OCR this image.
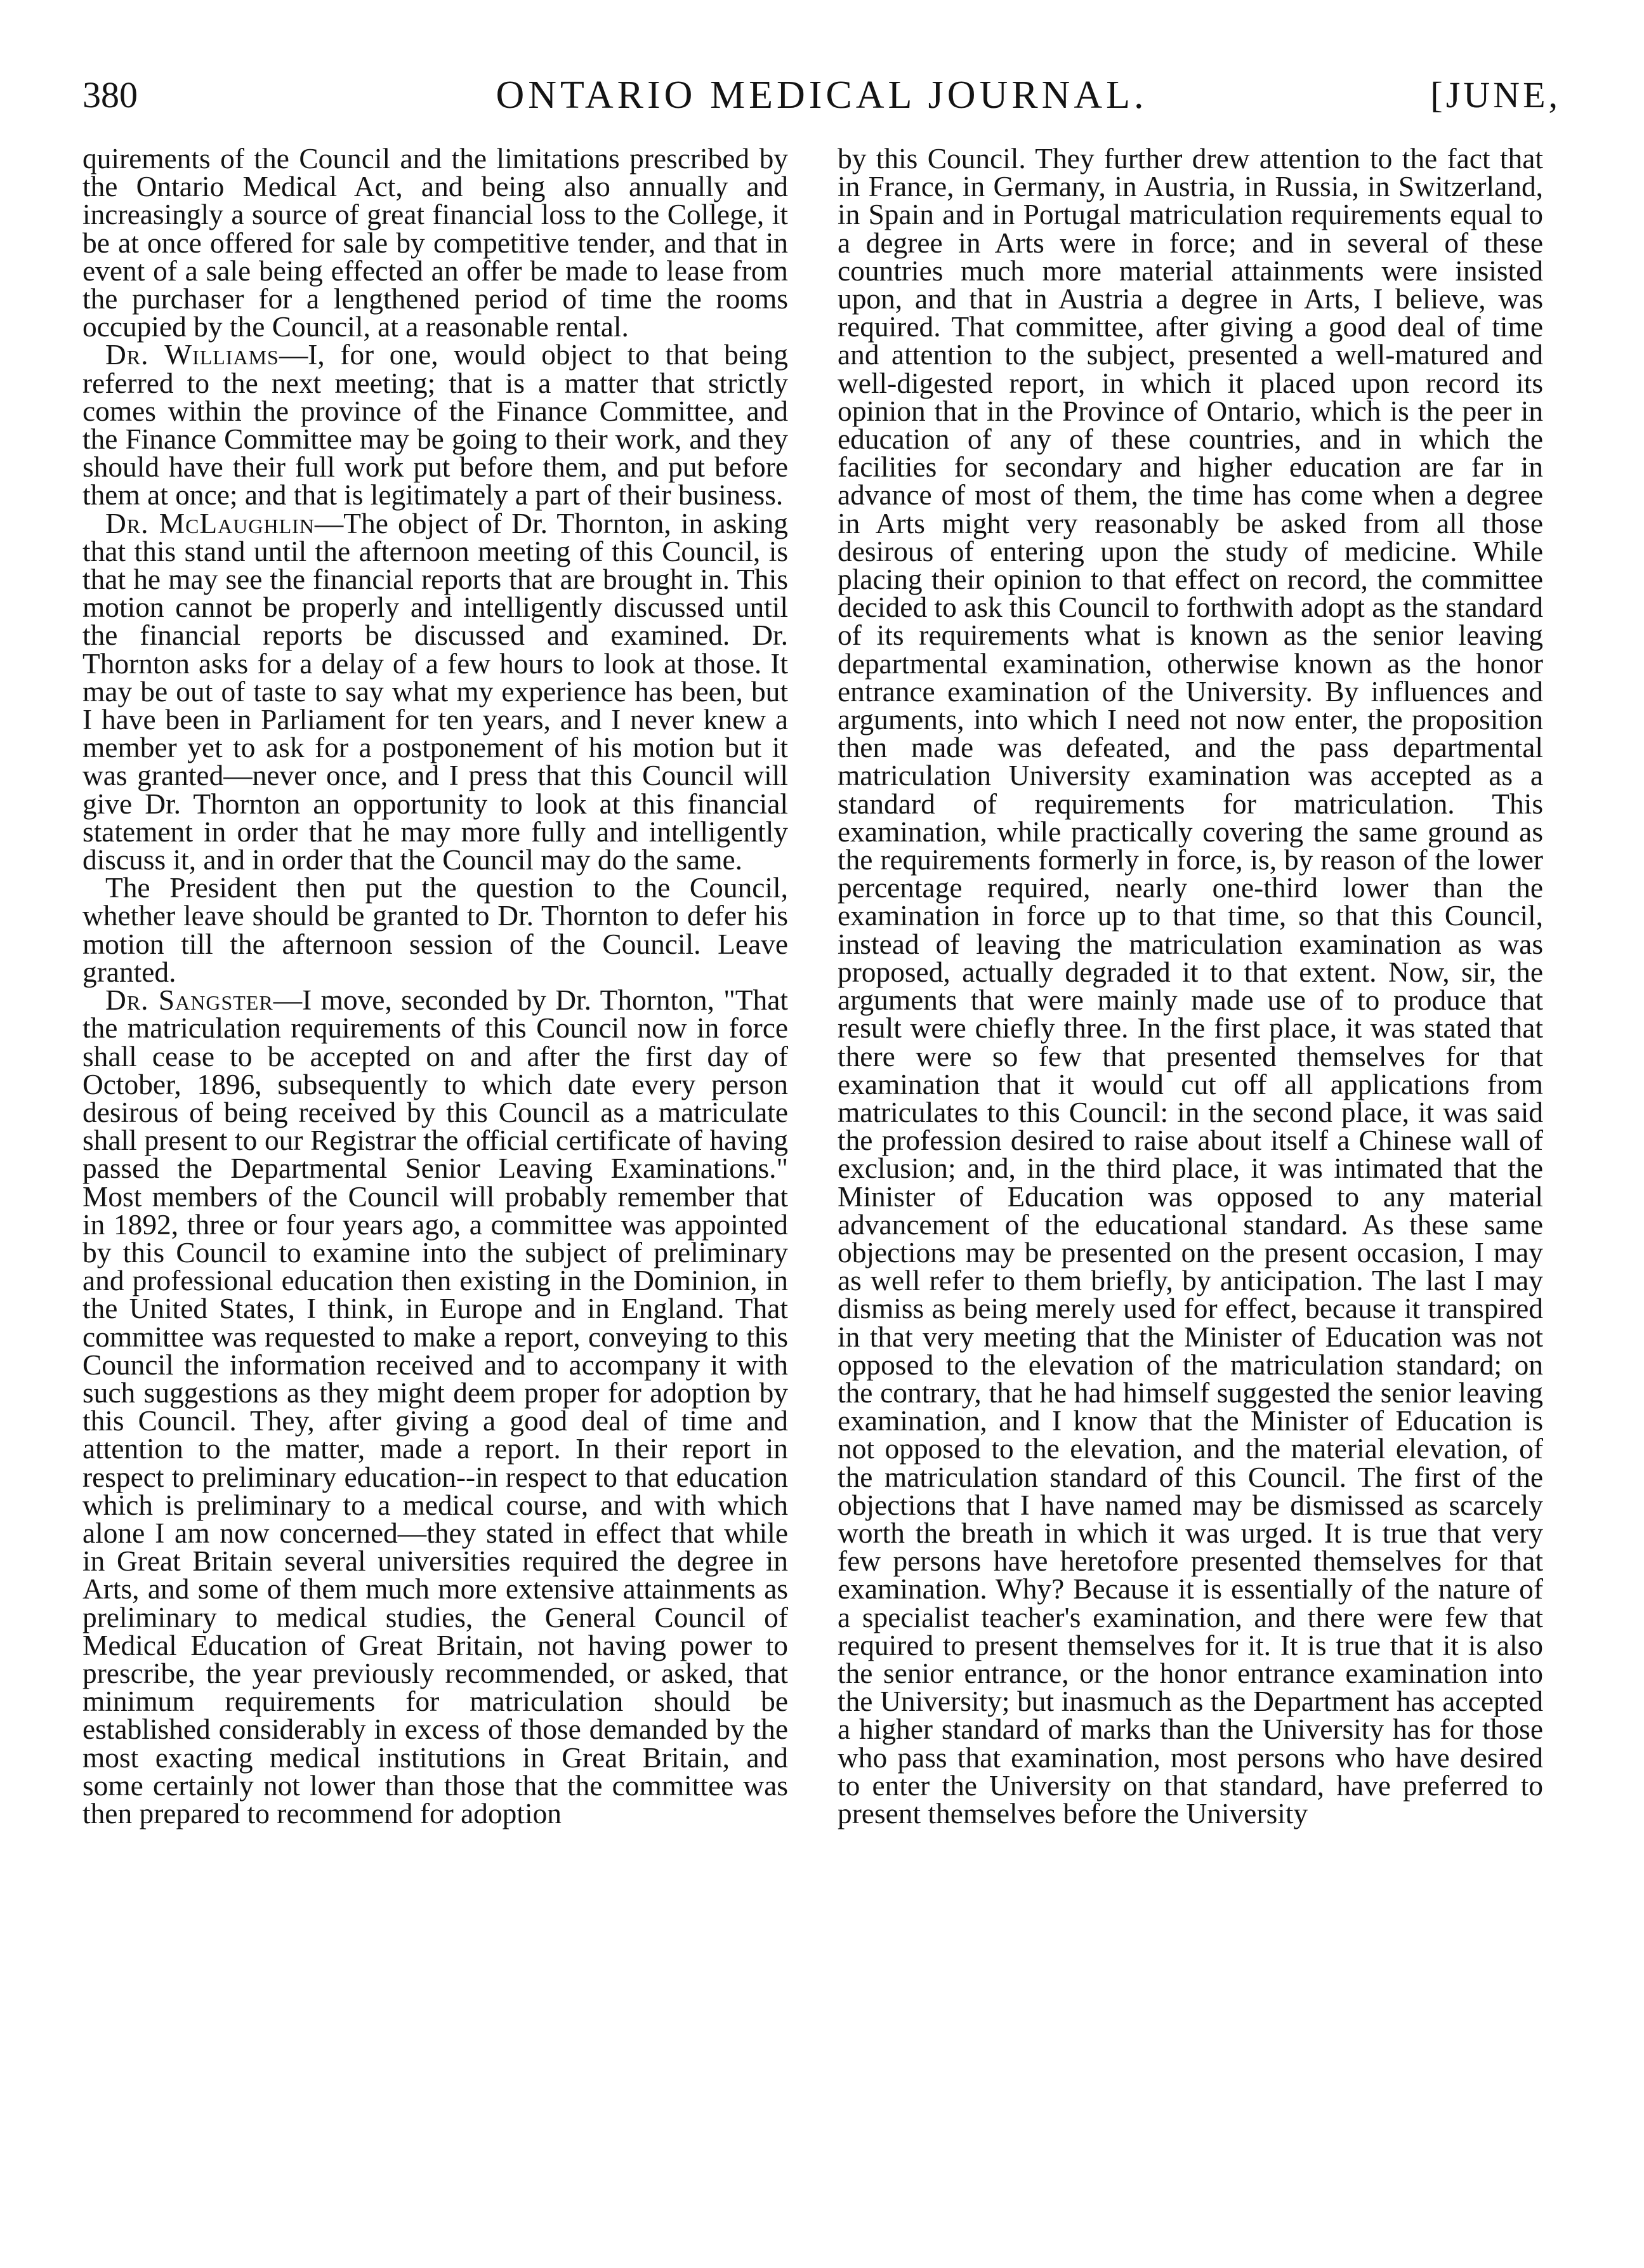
380	ONTARIO MEDICAL JOURNAL.	[JUNE,

quirements of the Council and the limitations prescribed by the Ontario Medical Act, and being also annually and increasingly a source of great financial loss to the College, it be at once offered for sale by competitive tender, and that in event of a sale being effected an offer be made to lease from the purchaser for a lengthened period of time the rooms occupied by the Council, at a reasonable rental.

Dr. Williams—I, for one, would object to that being referred to the next meeting; that is a matter that strictly comes within the province of the Finance Committee, and the Finance Committee may be going to their work, and they should have their full work put before them, and put before them at once; and that is legitimately a part of their business.

Dr. McLaughlin—The object of Dr. Thornton, in asking that this stand until the afternoon meeting of this Council, is that he may see the financial reports that are brought in. This motion cannot be properly and intelligently discussed until the financial reports be discussed and examined. Dr. Thornton asks for a delay of a few hours to look at those. It may be out of taste to say what my experience has been, but I have been in Parliament for ten years, and I never knew a member yet to ask for a postponement of his motion but it was granted—never once, and I press that this Council will give Dr. Thornton an opportunity to look at this financial statement in order that he may more fully and intelligently discuss it, and in order that the Council may do the same.

The President then put the question to the Council, whether leave should be granted to Dr. Thornton to defer his motion till the afternoon session of the Council. Leave granted.

Dr. Sangster—I move, seconded by Dr. Thornton, "That the matriculation requirements of this Council now in force shall cease to be accepted on and after the first day of October, 1896, subsequently to which date every person desirous of being received by this Council as a matriculate shall present to our Registrar the official certificate of having passed the Departmental Senior Leaving Examinations." Most members of the Council will probably remember that in 1892, three or four years ago, a committee was appointed by this Council to examine into the subject of preliminary and professional education then existing in the Dominion, in the United States, I think, in Europe and in England. That committee was requested to make a report, conveying to this Council the information received and to accompany it with such suggestions as they might deem proper for adoption by this Council. They, after giving a good deal of time and attention to the matter, made a report. In their report in respect to preliminary education--in respect to that education which is preliminary to a medical course, and with which alone I am now concerned—they stated in effect that while in Great Britain several universities required the degree in Arts, and some of them much more extensive attainments as preliminary to medical studies, the General Council of Medical Education of Great Britain, not having power to prescribe, the year previously recommended, or asked, that minimum requirements for matriculation should be established considerably in excess of those demanded by the most exacting medical institutions in Great Britain, and some certainly not lower than those that the committee was then prepared to recommend for adoption

by this Council. They further drew attention to the fact that in France, in Germany, in Austria, in Russia, in Switzerland, in Spain and in Portugal matriculation requirements equal to a degree in Arts were in force; and in several of these countries much more material attainments were insisted upon, and that in Austria a degree in Arts, I believe, was required. That committee, after giving a good deal of time and attention to the subject, presented a well-matured and well-digested report, in which it placed upon record its opinion that in the Province of Ontario, which is the peer in education of any of these countries, and in which the facilities for secondary and higher education are far in advance of most of them, the time has come when a degree in Arts might very reasonably be asked from all those desirous of entering upon the study of medicine. While placing their opinion to that effect on record, the committee decided to ask this Council to forthwith adopt as the standard of its requirements what is known as the senior leaving departmental examination, otherwise known as the honor entrance examination of the University. By influences and arguments, into which I need not now enter, the proposition then made was defeated, and the pass departmental matriculation University examination was accepted as a standard of requirements for matriculation. This examination, while practically covering the same ground as the requirements formerly in force, is, by reason of the lower percentage required, nearly one-third lower than the examination in force up to that time, so that this Council, instead of leaving the matriculation examination as was proposed, actually degraded it to that extent. Now, sir, the arguments that were mainly made use of to produce that result were chiefly three. In the first place, it was stated that there were so few that presented themselves for that examination that it would cut off all applications from matriculates to this Council: in the second place, it was said the profession desired to raise about itself a Chinese wall of exclusion; and, in the third place, it was intimated that the Minister of Education was opposed to any material advancement of the educational standard. As these same objections may be presented on the present occasion, I may as well refer to them briefly, by anticipation. The last I may dismiss as being merely used for effect, because it transpired in that very meeting that the Minister of Education was not opposed to the elevation of the matriculation standard; on the contrary, that he had himself suggested the senior leaving examination, and I know that the Minister of Education is not opposed to the elevation, and the material elevation, of the matriculation standard of this Council. The first of the objections that I have named may be dismissed as scarcely worth the breath in which it was urged. It is true that very few persons have heretofore presented themselves for that examination. Why? Because it is essentially of the nature of a specialist teacher's examination, and there were few that required to present themselves for it. It is true that it is also the senior entrance, or the honor entrance examination into the University; but inasmuch as the Department has accepted a higher standard of marks than the University has for those who pass that examination, most persons who have desired to enter the University on that standard, have preferred to present themselves before the University
